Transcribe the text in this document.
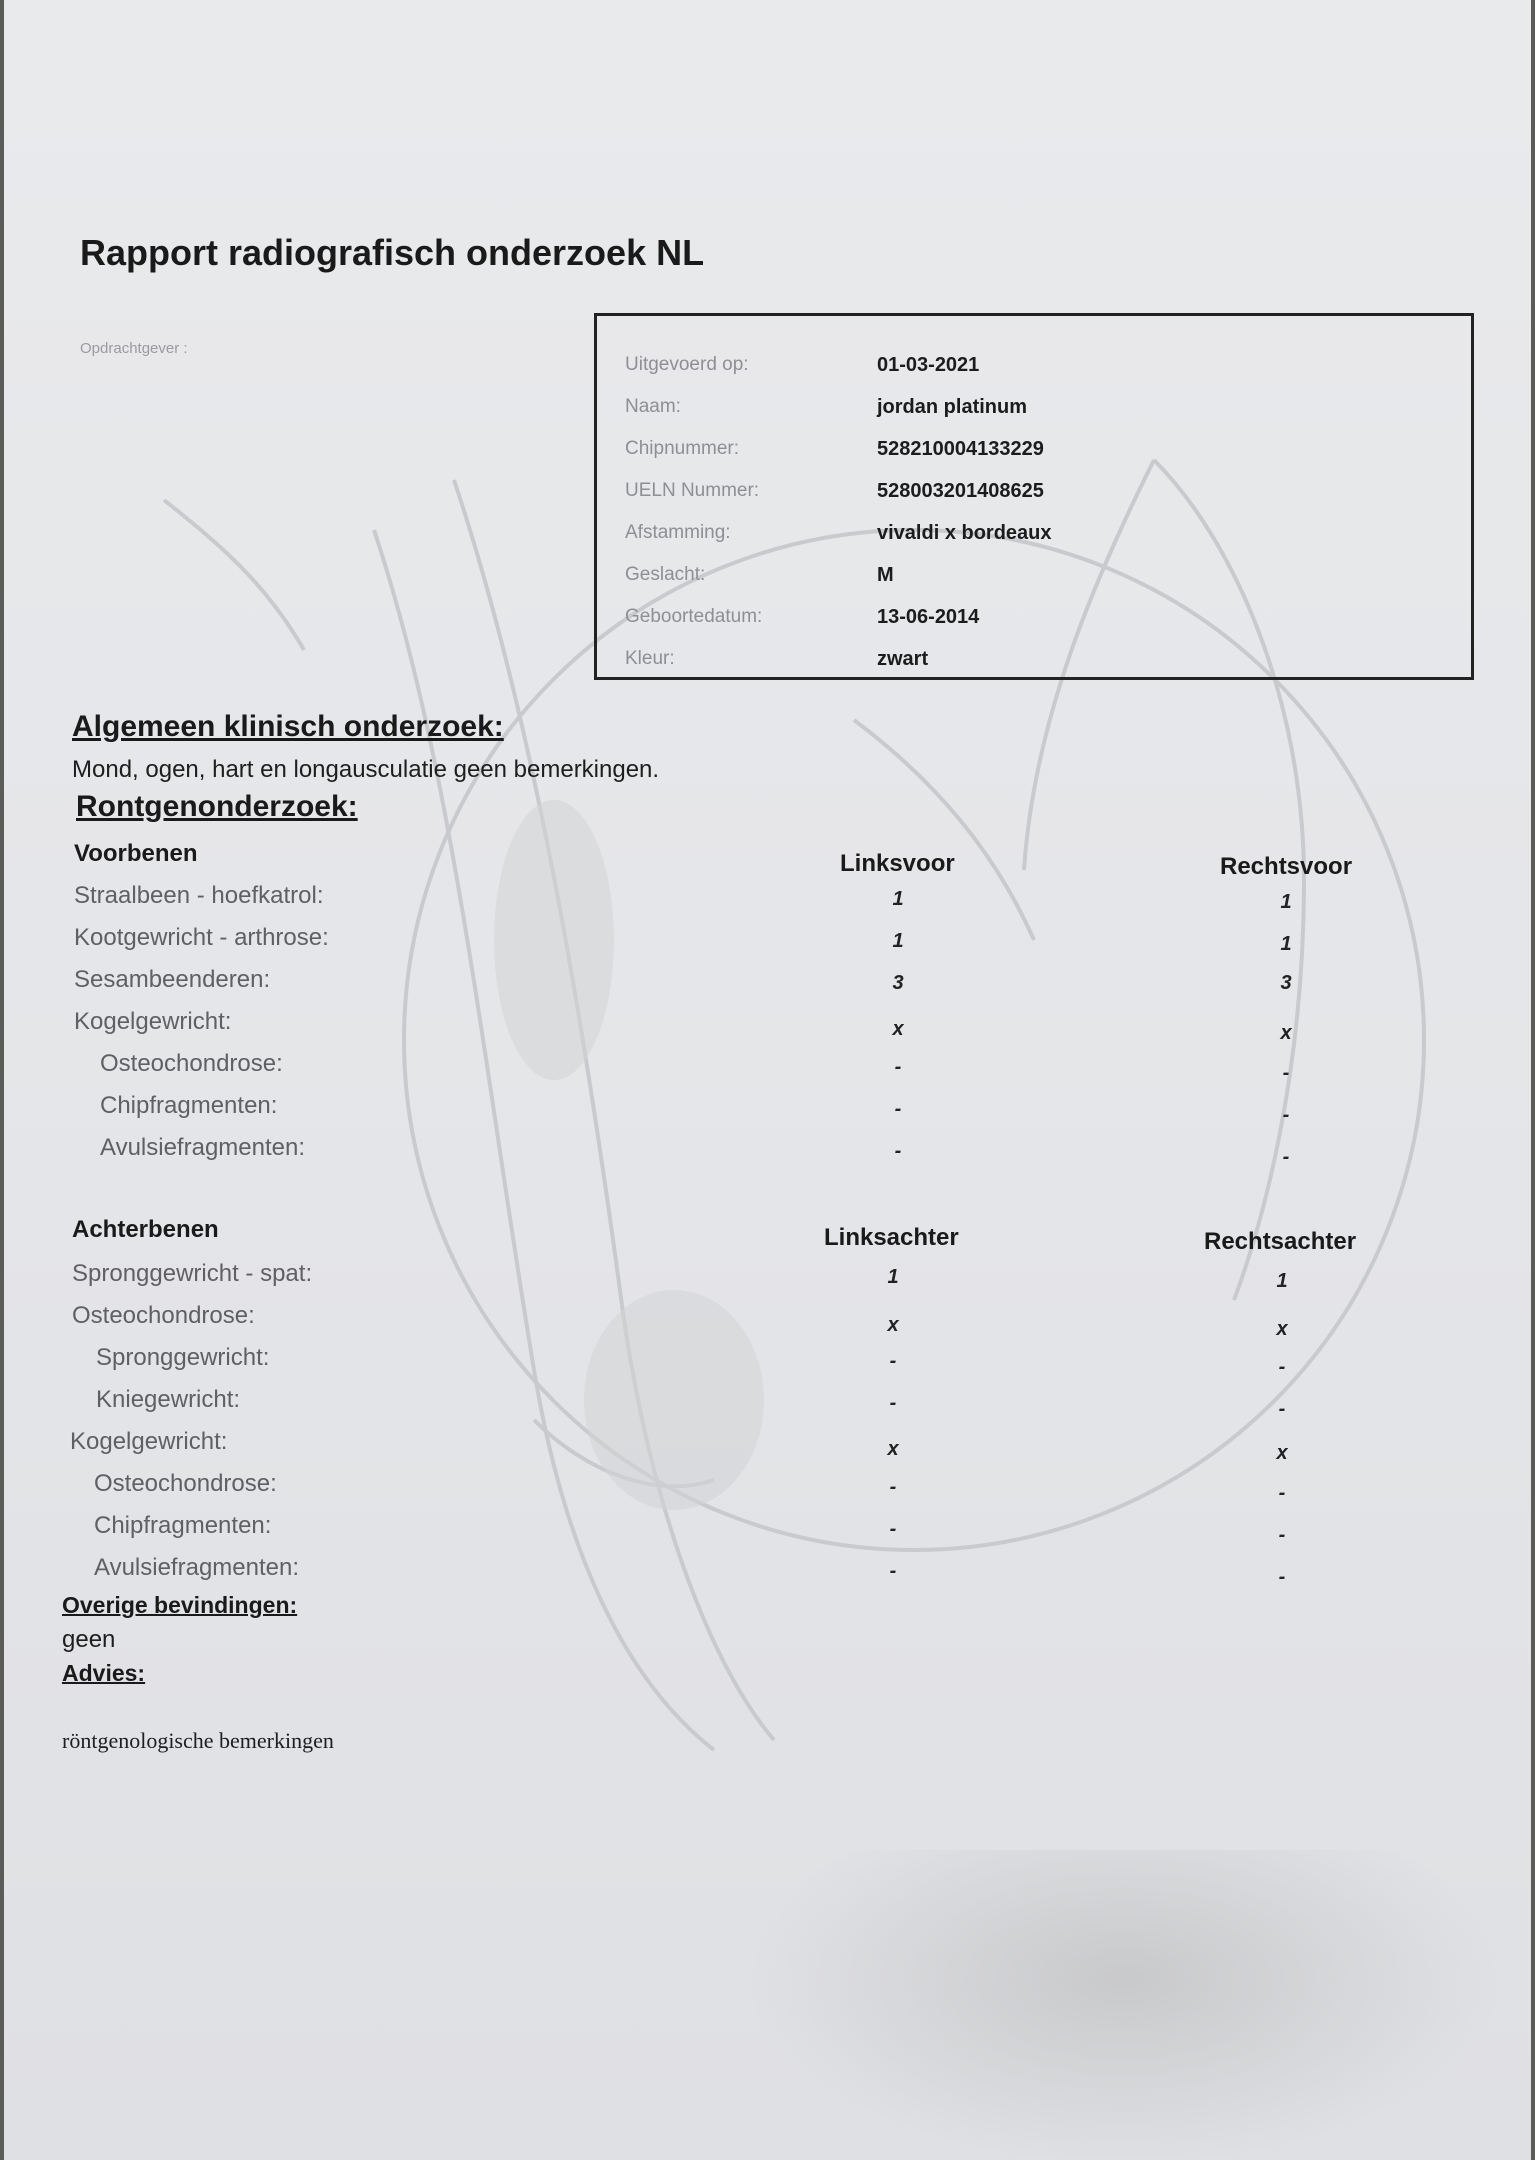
Rapport radiografisch onderzoek NL
Opdrachtgever :
Uitgevoerd op:	01-03-2021
Naam:	jordan platinum
Chipnummer:	528210004133229
UELN Nummer:	528003201408625
Afstamming:	vivaldi x bordeaux
Geslacht:	M
Geboortedatum:	13-06-2014
Kleur:	zwart
Algemeen klinisch onderzoek:
Mond, ogen, hart en longausculatie geen bemerkingen.
Rontgenonderzoek:
Voorbenen	Linksvoor	Rechtsvoor
Straalbeen - hoefkatrol:	1	1
Kootgewricht - arthrose:	1	1
Sesambeenderen:	3	3
Kogelgewricht:	x	x
Osteochondrose:	-	-
Chipfragmenten:	-	-
Avulsiefragmenten:	-	-
Achterbenen	Linksachter	Rechtsachter
Spronggewricht - spat:	1	1
Osteochondrose:	x	x
Spronggewricht:	-	-
Kniegewricht:	-	-
Kogelgewricht:	x	x
Osteochondrose:	-	-
Chipfragmenten:	-	-
Avulsiefragmenten:	-	-
Overige bevindingen:
geen
Advies:
röntgenologische bemerkingen
